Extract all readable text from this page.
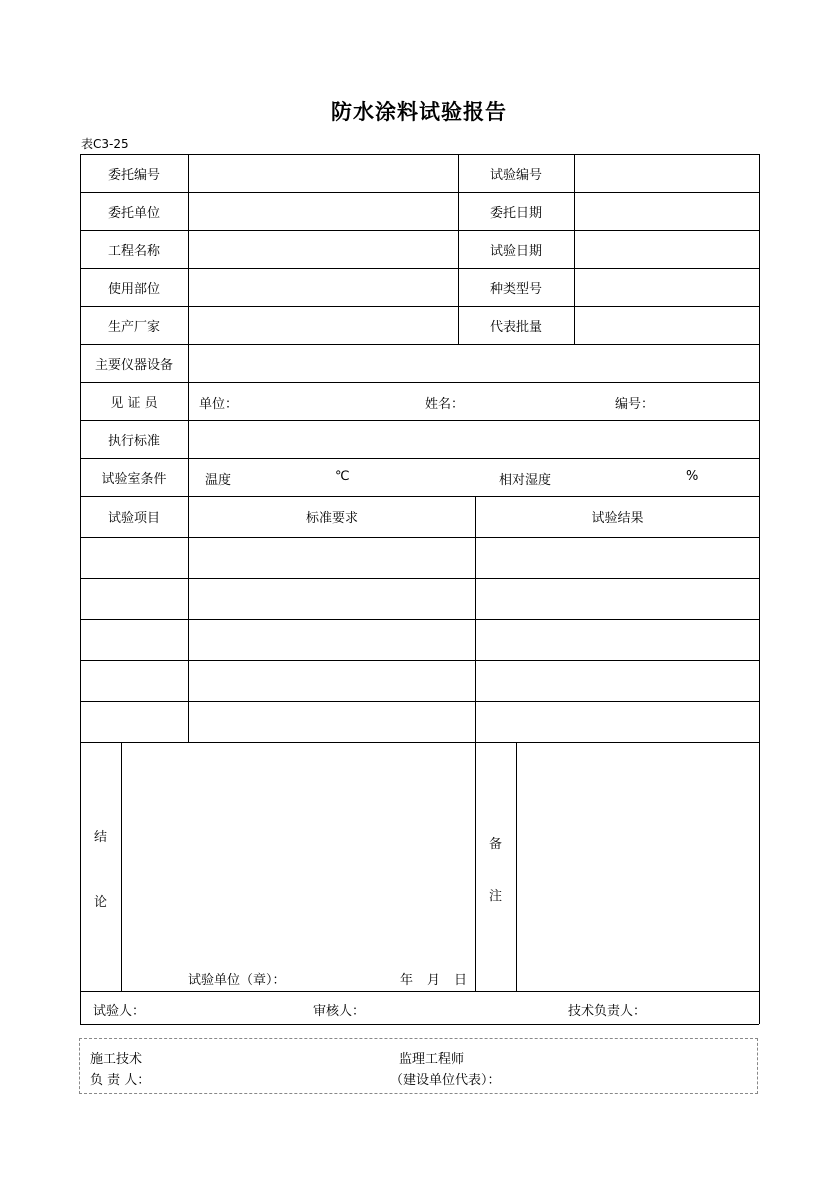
防水涂料试验报告
表C3-25
委托编号	试验编号
委托单位	委托日期
工程名称	试验日期
使用部位	种类型号
生产厂家	代表批量
主要仪器设备
见 证 员	单位：	姓名：	编号：
执行标准
试验室条件	温度	℃	相对湿度	%
试验项目	标准要求	试验结果
结
论
试验单位（章）：	年 月 日
备
注
试验人：	审核人：	技术负责人：
施工技术
负 责 人：
监理工程师
（建设单位代表）：
